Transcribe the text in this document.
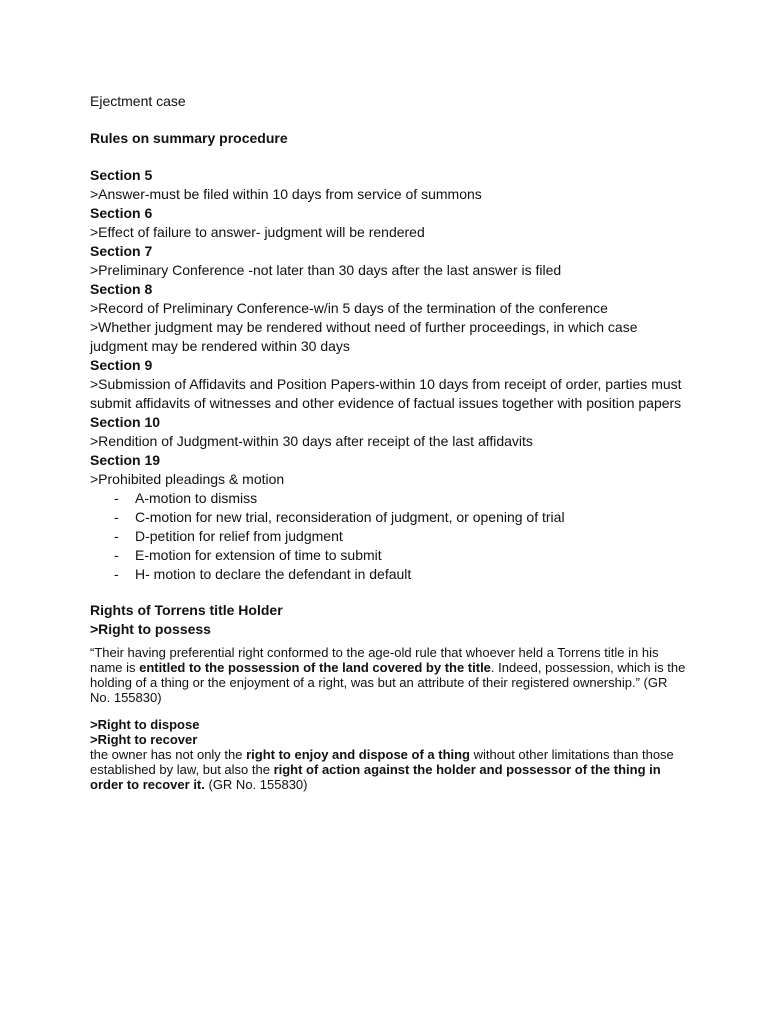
Ejectment case
Rules on summary procedure
Section 5
>Answer-must be filed within 10 days from service of summons
Section 6
>Effect of failure to answer- judgment will be rendered
Section 7
>Preliminary Conference -not later than 30 days after the last answer is filed
Section 8
>Record of Preliminary Conference-w/in 5 days of the termination of the conference
>Whether judgment may be rendered without need of further proceedings, in which case
judgment may be rendered within 30 days
Section 9
>Submission of Affidavits and Position Papers-within 10 days from receipt of order, parties must
submit affidavits of witnesses and other evidence of factual issues together with position papers
Section 10
>Rendition of Judgment-within 30 days after receipt of the last affidavits
Section 19
>Prohibited pleadings & motion
-	A-motion to dismiss
-	C-motion for new trial, reconsideration of judgment, or opening of trial
-	D-petition for relief from judgment
-	E-motion for extension of time to submit
-	H- motion to declare the defendant in default
Rights of Torrens title Holder
>Right to possess
“Their having preferential right conformed to the age-old rule that whoever held a Torrens title in his name is entitled to the possession of the land covered by the title. Indeed, possession, which is the holding of a thing or the enjoyment of a right, was but an attribute of their registered ownership.” (GR No. 155830)
>Right to dispose
>Right to recover
the owner has not only the right to enjoy and dispose of a thing without other limitations than those established by law, but also the right of action against the holder and possessor of the thing in order to recover it. (GR No. 155830)
